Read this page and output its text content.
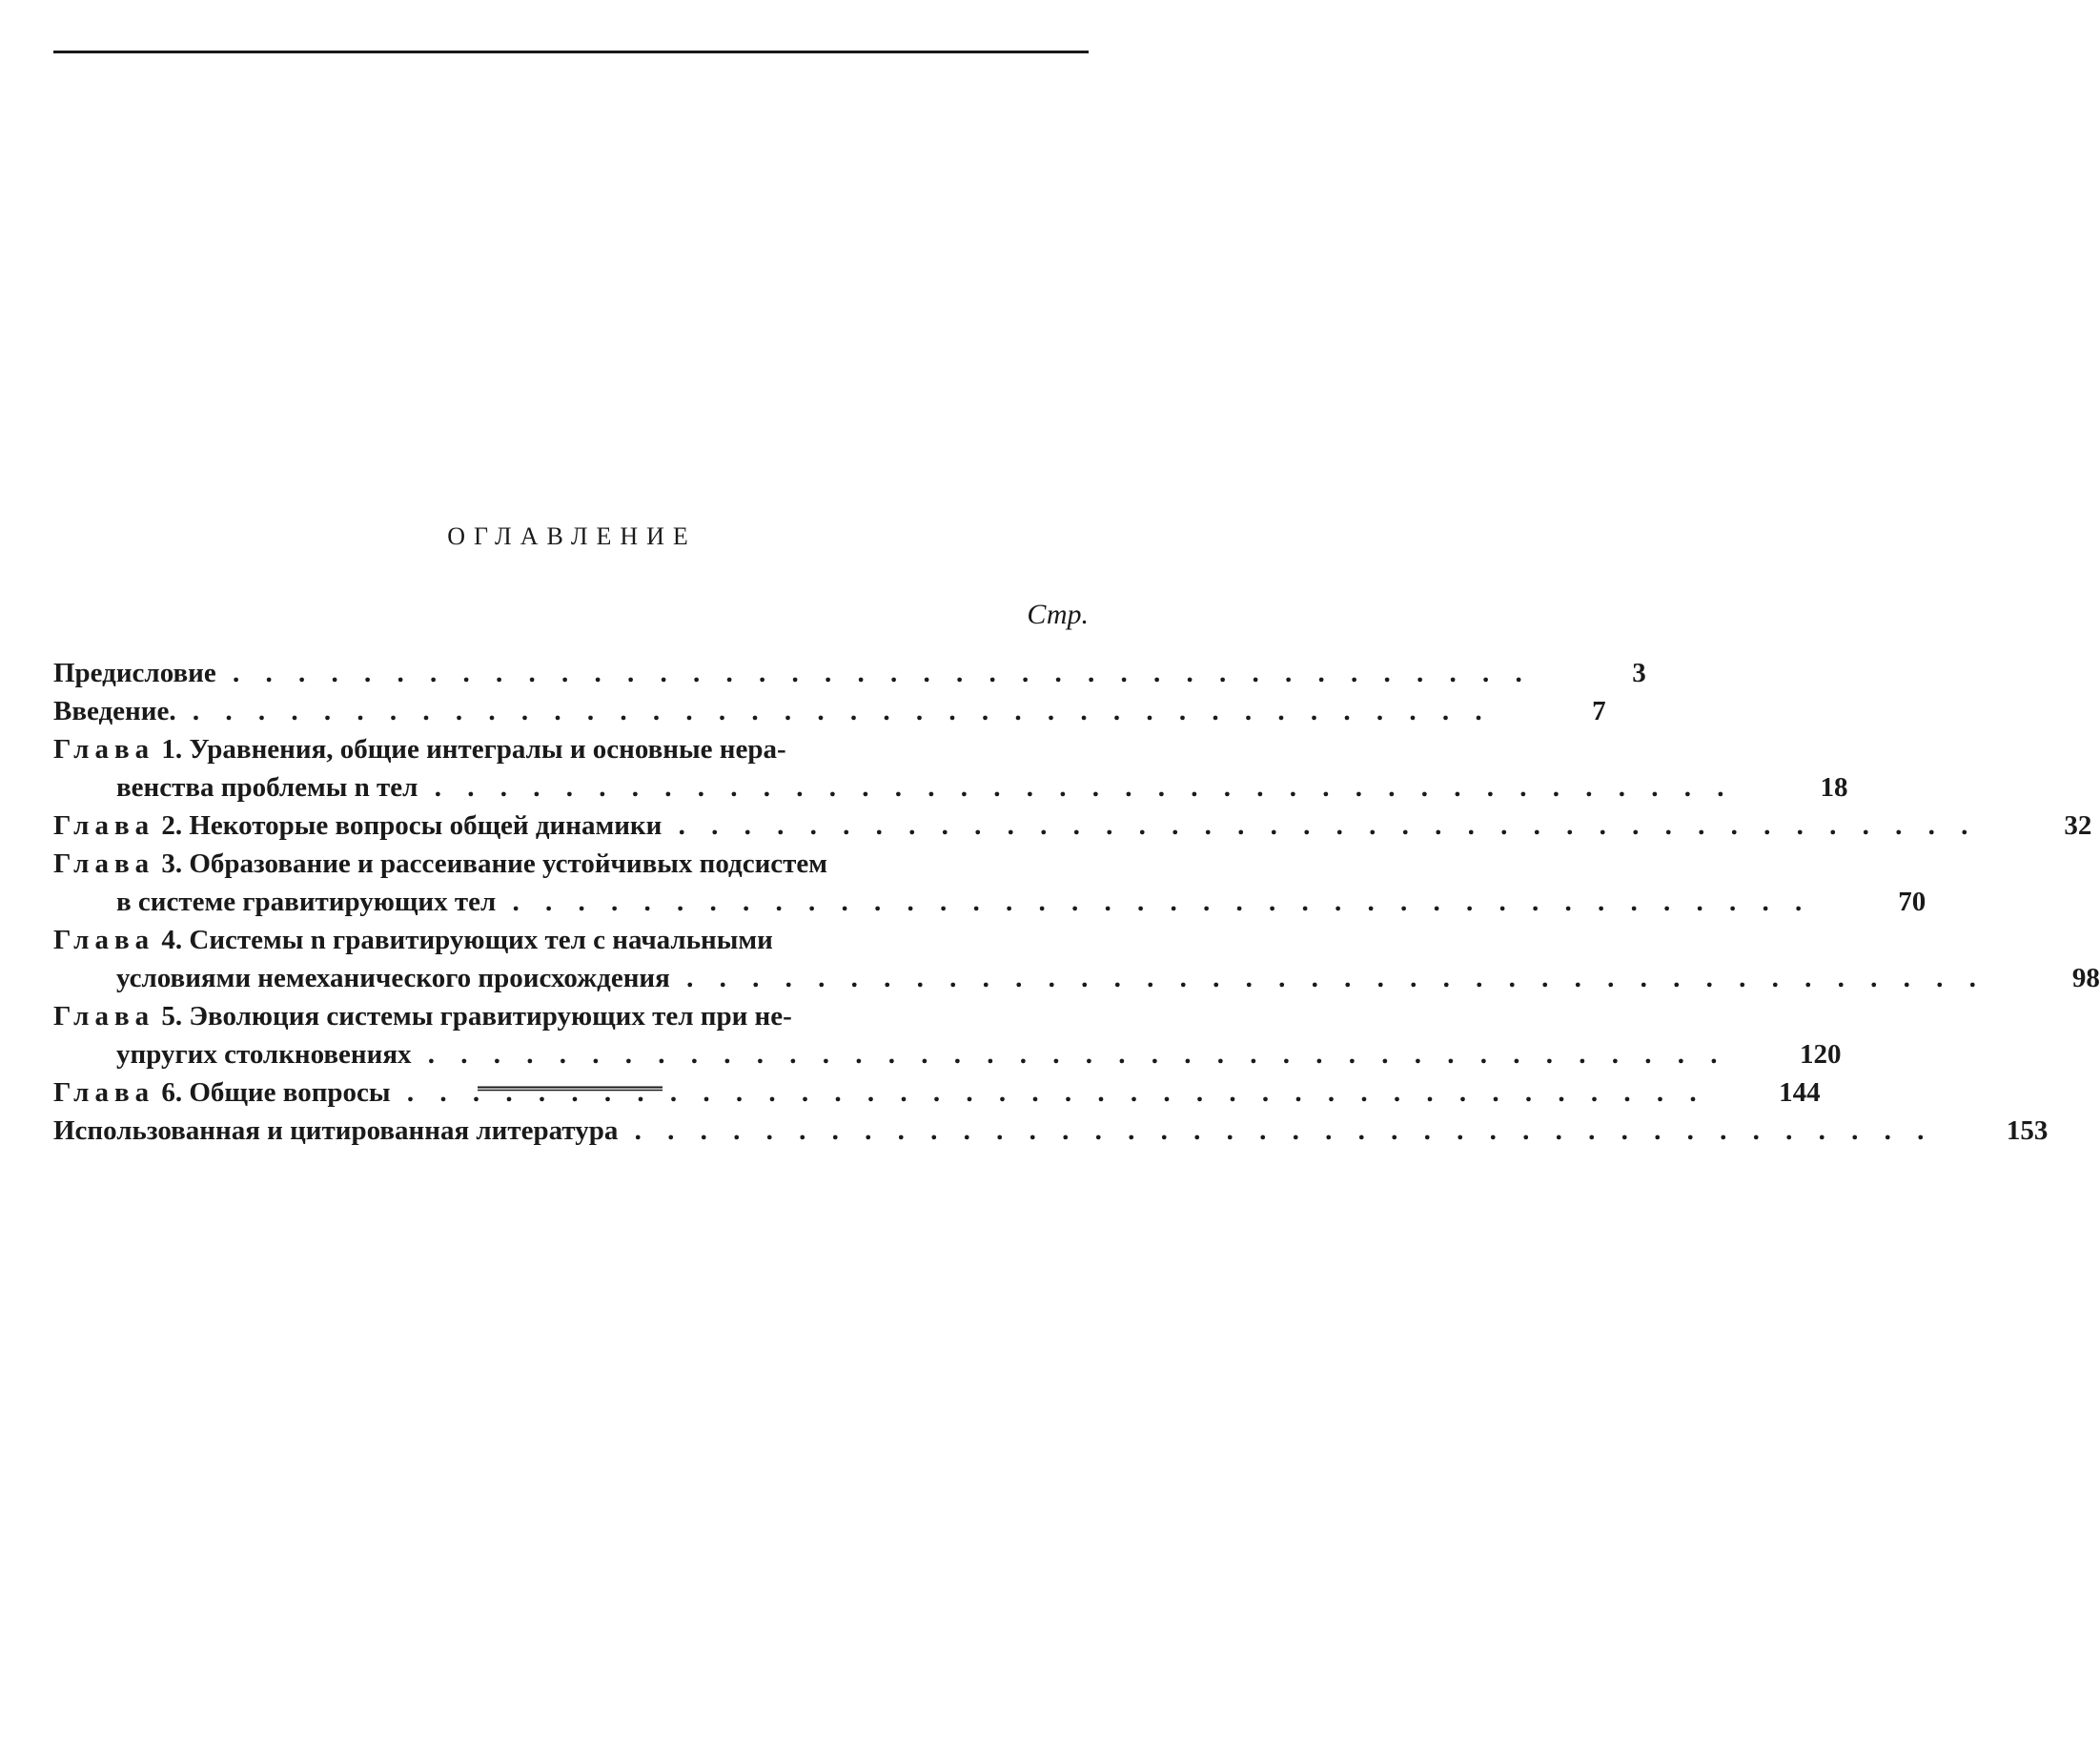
ОГЛАВЛЕНИЕ
Стр.
Предисловие . . . . . . . . . . . . . . . . . . . . . . . . . . . . . . . . . . . . . . . .	3
Введение. . . . . . . . . . . . . . . . . . . . . . . . . . . . . . . . . . . . . . . . .	7
Глава 1. Уравнения, общие интегралы и основные нера-
венства проблемы n тел . . . . . . . . . . . . . . . . . . . . . . . . . . . . . . . . . . . . . . . .	18
Глава 2. Некоторые вопросы общей динамики . . . . . . . . . . . . . . . . . . . . . . . . . . . . . . . . . . . . . . . .	32
Глава 3. Образование и рассеивание устойчивых подсистем
в системе гравитирующих тел . . . . . . . . . . . . . . . . . . . . . . . . . . . . . . . . . . . . . . . .	70
Глава 4. Системы n гравитирующих тел с начальными
условиями немеханического происхождения . . . . . . . . . . . . . . . . . . . . . . . . . . . . . . . . . . . . . . . .	98
Глава 5. Эволюция системы гравитирующих тел при не-
упругих столкновениях . . . . . . . . . . . . . . . . . . . . . . . . . . . . . . . . . . . . . . . .	120
Глава 6. Общие вопросы . . . . . . . . . . . . . . . . . . . . . . . . . . . . . . . . . . . . . . . .	144
Использованная и цитированная литература . . . . . . . . . . . . . . . . . . . . . . . . . . . . . . . . . . . . . . . .	153
